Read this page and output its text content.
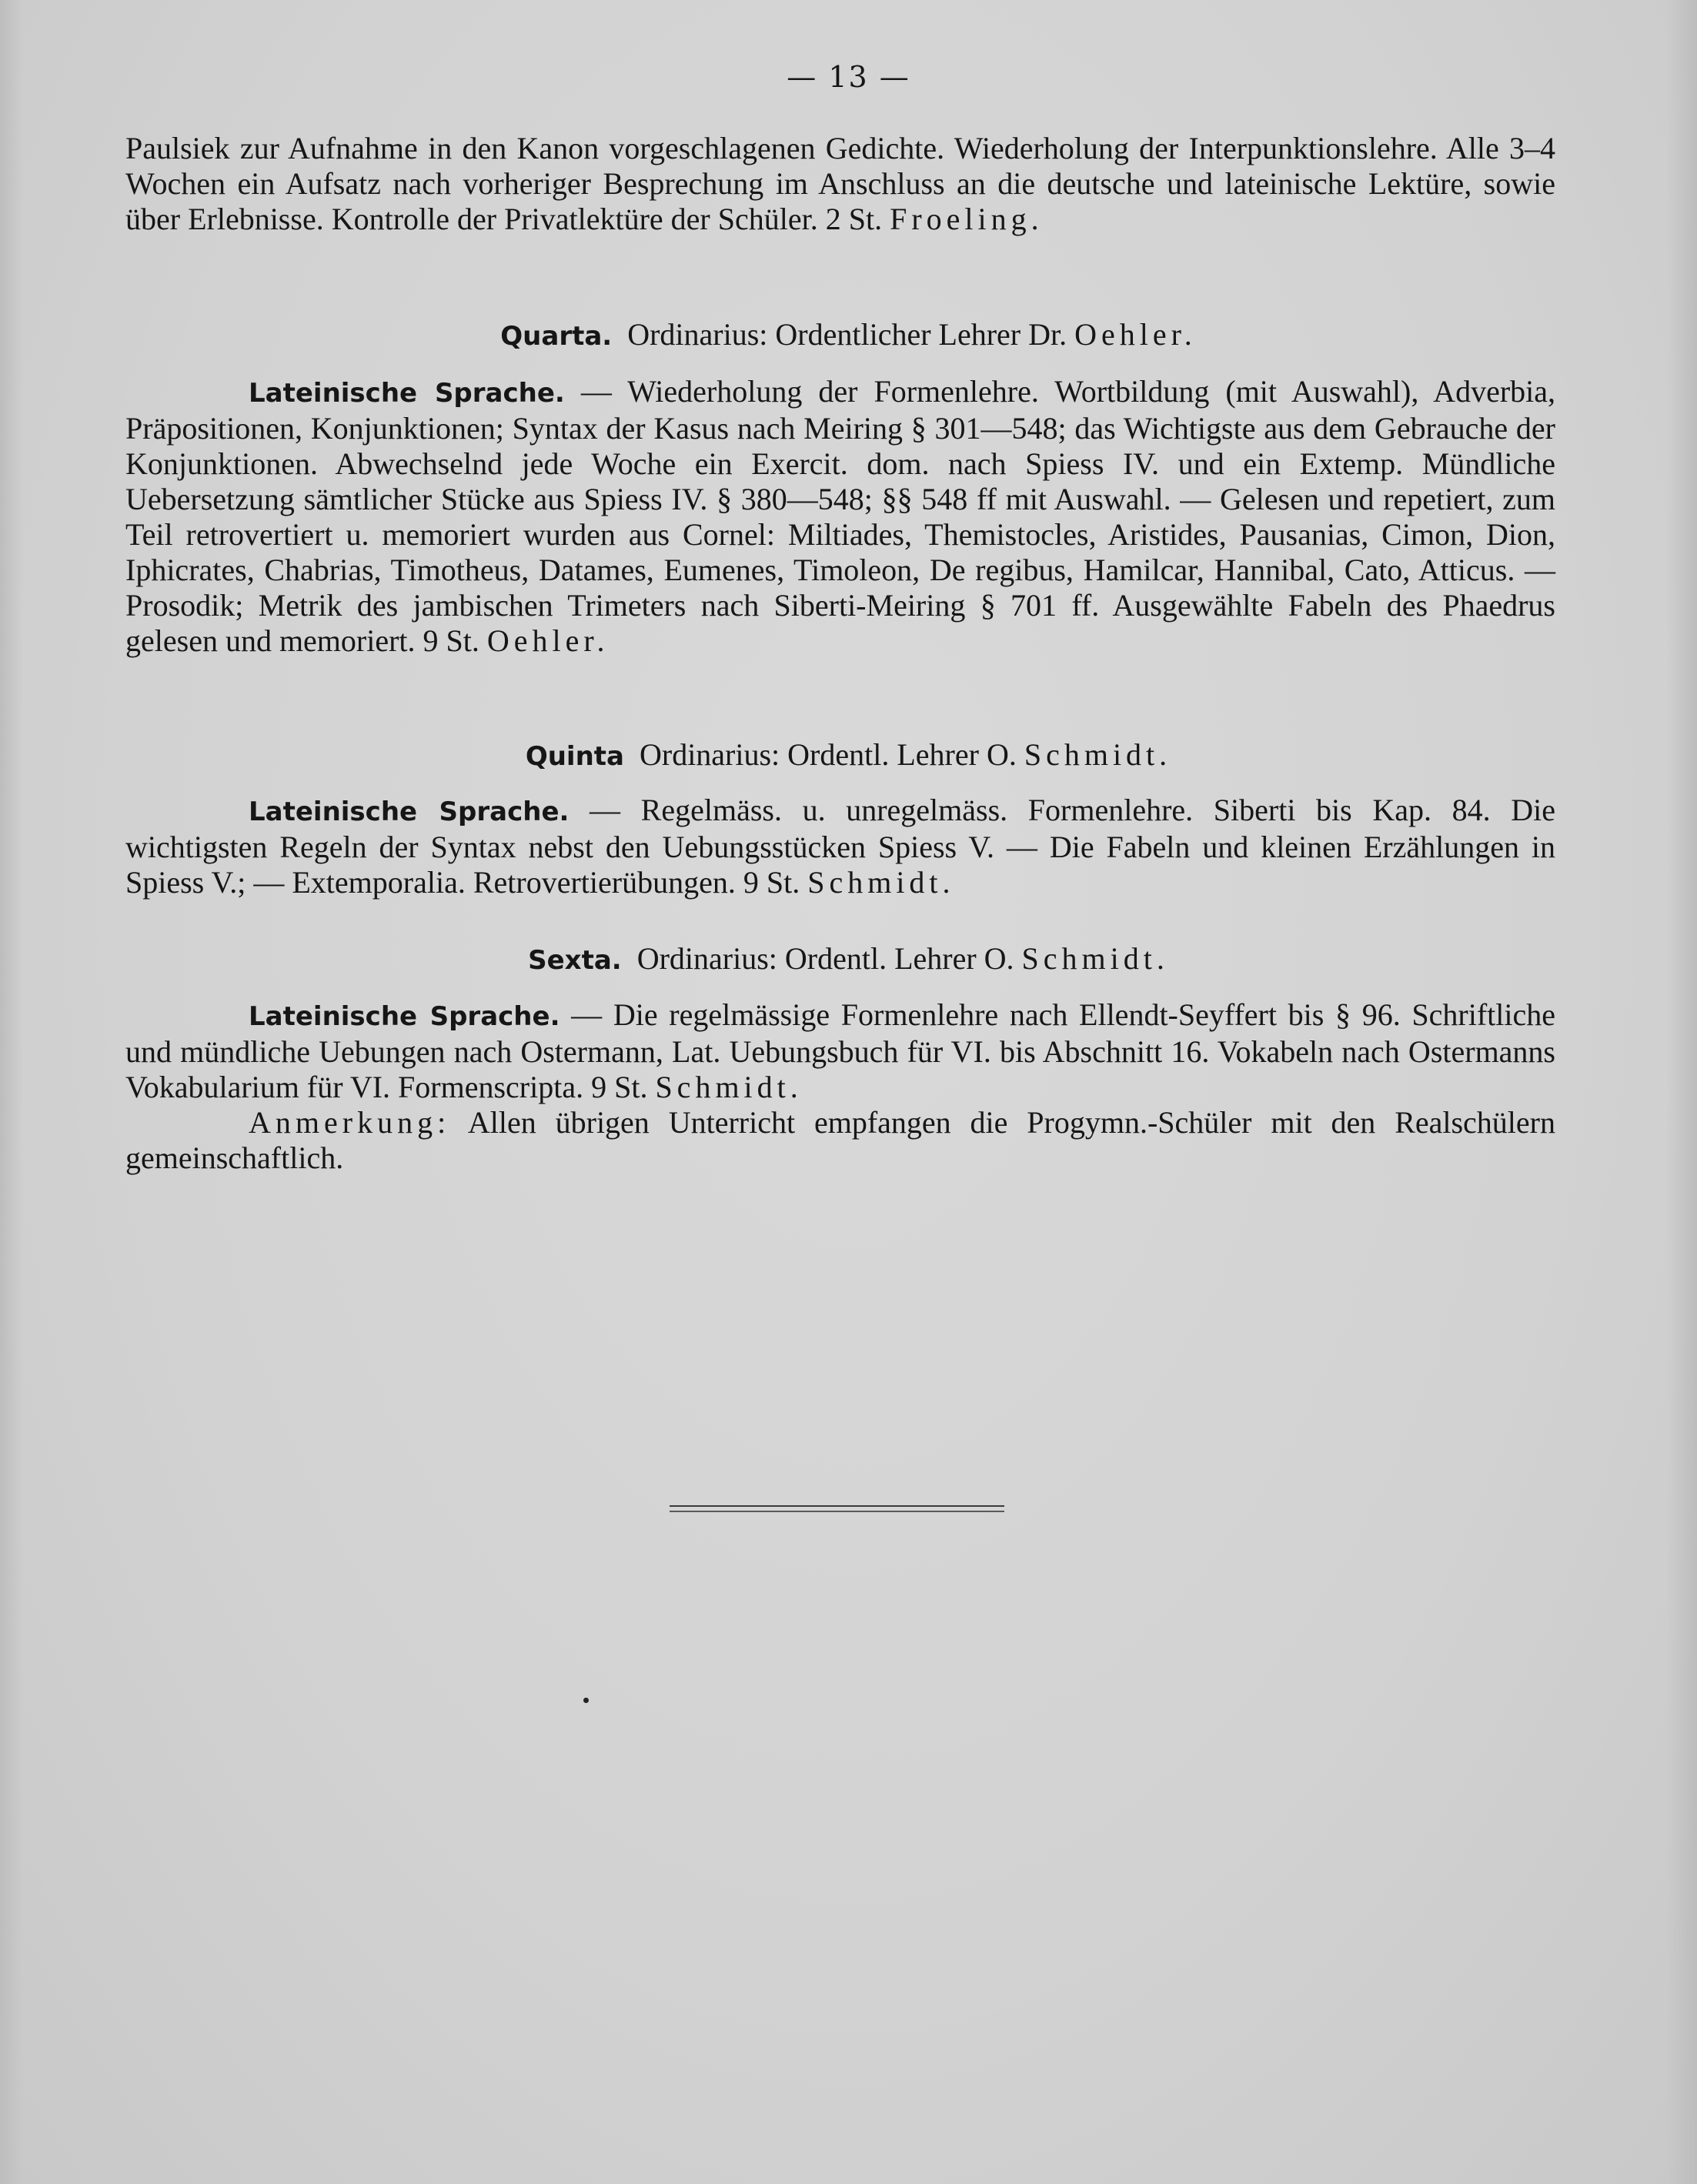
— 13 —

Paulsiek zur Aufnahme in den Kanon vorgeschlagenen Gedichte. Wiederholung der Interpunktionslehre. Alle 3–4 Wochen ein Aufsatz nach vorheriger Besprechung im Anschluss an die deutsche und lateinische Lektüre, sowie über Erlebnisse. Kontrolle der Privatlektüre der Schüler. 2 St. Froeling.

Quarta. Ordinarius: Ordentlicher Lehrer Dr. Oehler.

Lateinische Sprache. — Wiederholung der Formenlehre. Wortbildung (mit Auswahl), Adverbia, Präpositionen, Konjunktionen; Syntax der Kasus nach Meiring § 301—548; das Wichtigste aus dem Gebrauche der Konjunktionen. Abwechselnd jede Woche ein Exercit. dom. nach Spiess IV. und ein Extemp. Mündliche Uebersetzung sämtlicher Stücke aus Spiess IV. § 380—548; §§ 548 ff mit Auswahl. — Gelesen und repetiert, zum Teil retrovertiert u. memoriert wurden aus Cornel: Miltiades, Themistocles, Aristides, Pausanias, Cimon, Dion, Iphicrates, Chabrias, Timotheus, Datames, Eumenes, Timoleon, De regibus, Hamilcar, Hannibal, Cato, Atticus. — Prosodik; Metrik des jambischen Trimeters nach Siberti-Meiring § 701 ff. Ausgewählte Fabeln des Phaedrus gelesen und memoriert. 9 St. Oehler.

Quinta Ordinarius: Ordentl. Lehrer O. Schmidt.

Lateinische Sprache. — Regelmäss. u. unregelmäss. Formenlehre. Siberti bis Kap. 84. Die wichtigsten Regeln der Syntax nebst den Uebungsstücken Spiess V. — Die Fabeln und kleinen Erzählungen in Spiess V.; — Extemporalia. Retrovertierübungen. 9 St. Schmidt.

Sexta. Ordinarius: Ordentl. Lehrer O. Schmidt.

Lateinische Sprache. — Die regelmässige Formenlehre nach Ellendt-Seyffert bis § 96. Schriftliche und mündliche Uebungen nach Ostermann, Lat. Uebungsbuch für VI. bis Abschnitt 16. Vokabeln nach Ostermanns Vokabularium für VI. Formenscripta. 9 St. Schmidt.

Anmerkung: Allen übrigen Unterricht empfangen die Progymn.-Schüler mit den Realschülern gemeinschaftlich.
